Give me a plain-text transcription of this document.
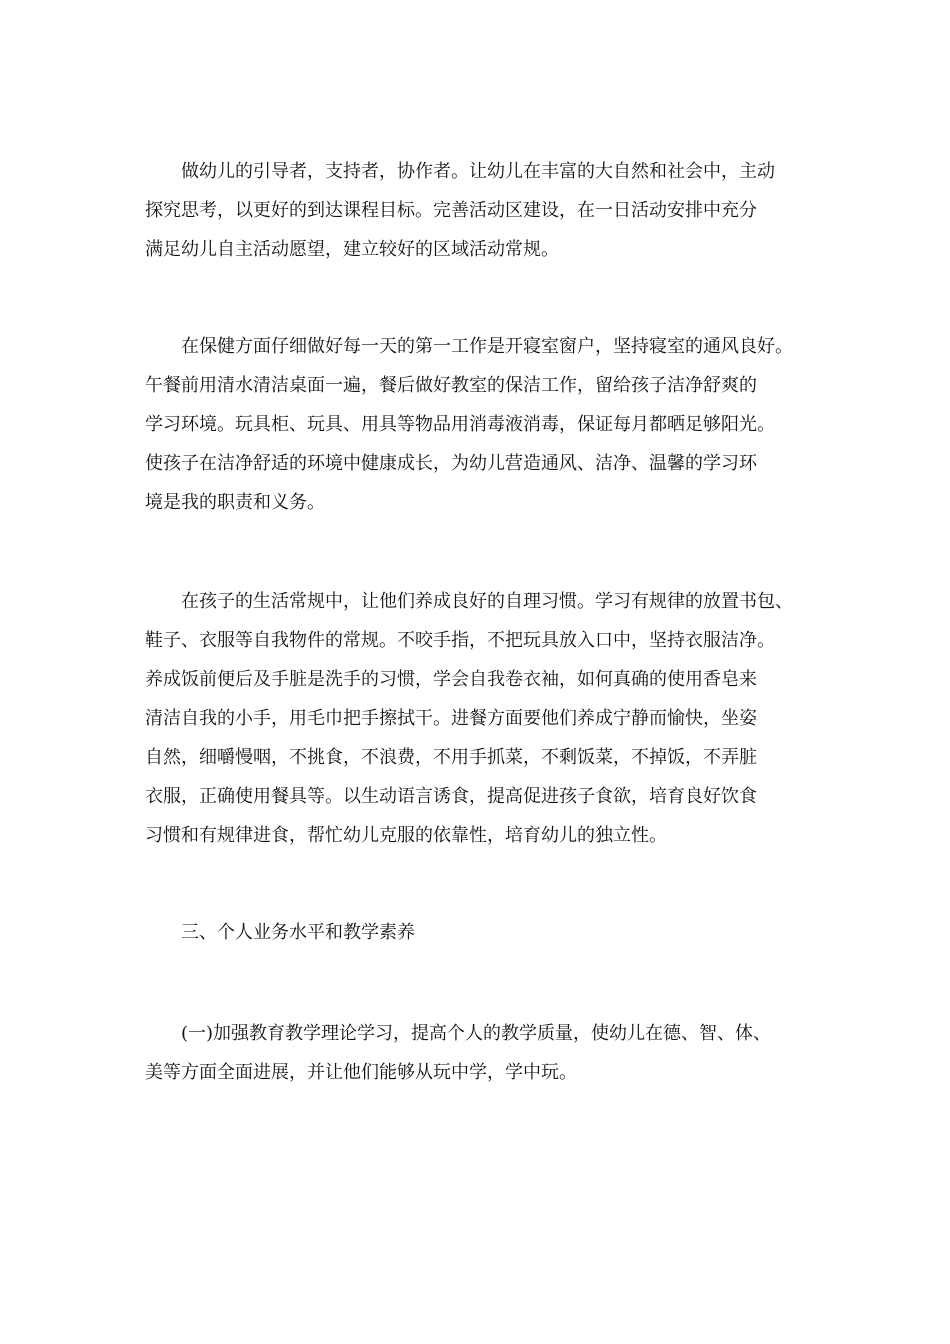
　　做幼儿的引导者，支持者，协作者。让幼儿在丰富的大自然和社会中，主动
探究思考，以更好的到达课程目标。完善活动区建设，在一日活动安排中充分
满足幼儿自主活动愿望，建立较好的区域活动常规。

　　在保健方面仔细做好每一天的第一工作是开寝室窗户，坚持寝室的通风良好。
午餐前用清水清洁桌面一遍，餐后做好教室的保洁工作，留给孩子洁净舒爽的
学习环境。玩具柜、玩具、用具等物品用消毒液消毒，保证每月都晒足够阳光。
使孩子在洁净舒适的环境中健康成长，为幼儿营造通风、洁净、温馨的学习环
境是我的职责和义务。

　　在孩子的生活常规中，让他们养成良好的自理习惯。学习有规律的放置书包、
鞋子、衣服等自我物件的常规。不咬手指，不把玩具放入口中，坚持衣服洁净。
养成饭前便后及手脏是洗手的习惯，学会自我卷衣袖，如何真确的使用香皂来
清洁自我的小手，用毛巾把手擦拭干。进餐方面要他们养成宁静而愉快，坐姿
自然，细嚼慢咽，不挑食，不浪费，不用手抓菜，不剩饭菜，不掉饭，不弄脏
衣服，正确使用餐具等。以生动语言诱食，提高促进孩子食欲，培育良好饮食
习惯和有规律进食，帮忙幼儿克服的依靠性，培育幼儿的独立性。

　　三、个人业务水平和教学素养

　　(一)加强教育教学理论学习，提高个人的教学质量，使幼儿在德、智、体、
美等方面全面进展，并让他们能够从玩中学，学中玩。
